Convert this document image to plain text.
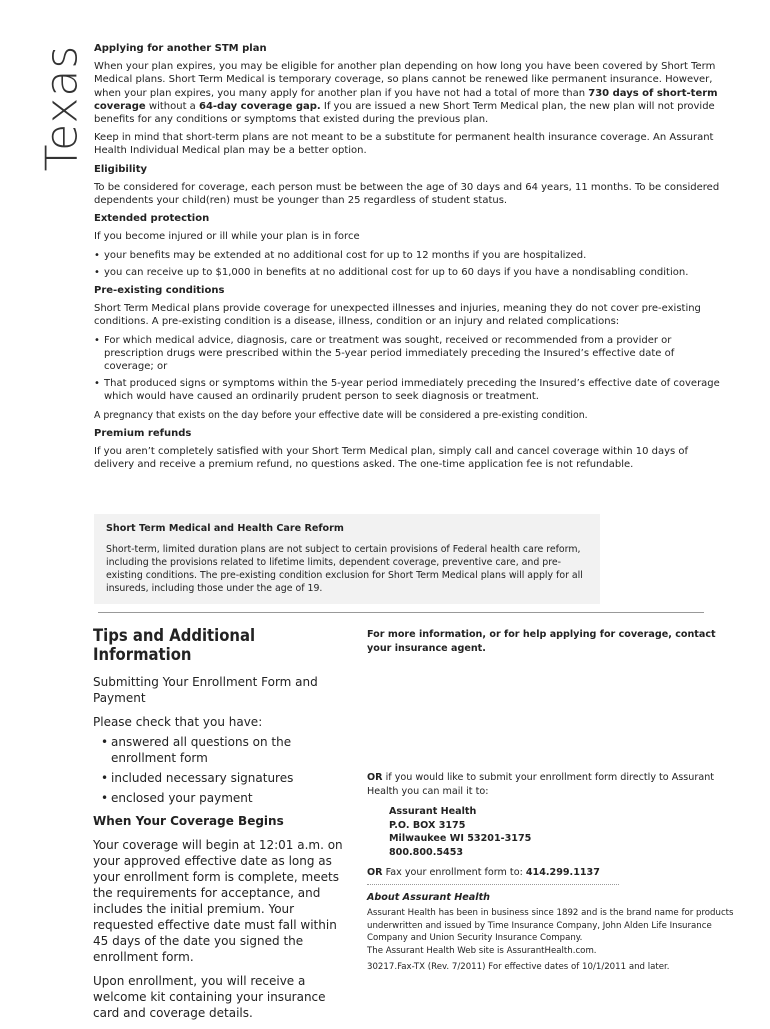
Texas Applying for another STM plan

When your plan expires, you may be eligible for another plan depending on how long you have been covered by Short Term Medical plans. Short Term Medical is temporary coverage, so plans cannot be renewed like permanent insurance. However, when your plan expires, you many apply for another plan if you have not had a total of more than 730 days of short-term coverage without a 64-day coverage gap. If you are issued a new Short Term Medical plan, the new plan will not provide benefits for any conditions or symptoms that existed during the previous plan.

Keep in mind that short-term plans are not meant to be a substitute for permanent health insurance coverage. An Assurant Health Individual Medical plan may be a better option.

Eligibility

To be considered for coverage, each person must be between the age of 30 days and 64 years, 11 months. To be considered dependents your child(ren) must be younger than 25 regardless of student status.

Extended protection

If you become injured or ill while your plan is in force

• your benefits may be extended at no additional cost for up to 12 months if you are hospitalized.
• you can receive up to $1,000 in benefits at no additional cost for up to 60 days if you have a nondisabling condition.
Pre-existing conditions

Short Term Medical plans provide coverage for unexpected illnesses and injuries, meaning they do not cover pre-existing conditions. A pre-existing condition is a disease, illness, condition or an injury and related complications:

• For which medical advice, diagnosis, care or treatment was sought, received or recommended from a provider or prescription drugs were prescribed within the 5-year period immediately preceding the Insured’s effective date of coverage; or
• That produced signs or symptoms within the 5-year period immediately preceding the Insured’s effective date of coverage which would have caused an ordinarily prudent person to seek diagnosis or treatment.

A pregnancy that exists on the day before your effective date will be considered a pre-existing condition.

Premium refunds

If you aren’t completely satisfied with your Short Term Medical plan, simply call and cancel coverage within 10 days of delivery and receive a premium refund, no questions asked. The one-time application fee is not refundable.

Short Term Medical and Health Care Reform
Short-term, limited duration plans are not subject to certain provisions of Federal health care reform, including the provisions related to lifetime limits, dependent coverage, preventive care, and pre-existing conditions. The pre-existing condition exclusion for Short Term Medical plans will apply for all insureds, including those under the age of 19.
Tips and Additional Information

Submitting Your Enrollment Form and Payment

Please check that you have:

• answered all questions on the enrollment form
• included necessary signatures
• enclosed your payment
When Your Coverage Begins

Your coverage will begin at 12:01 a.m. on your approved effective date as long as your enrollment form is complete, meets the requirements for acceptance, and includes the initial premium. Your requested effective date must fall within 45 days of the date you signed the enrollment form.

Upon enrollment, you will receive a welcome kit containing your insurance card and coverage details.

For more information, or for help applying for coverage, contact your insurance agent.
OR if you would like to submit your enrollment form directly to Assurant Health you can mail it to:
Assurant Health
P.O. BOX 3175
Milwaukee WI 53201-3175
800.800.5453
OR Fax your enrollment form to: 414.299.1137
About Assurant Health

Assurant Health has been in business since 1892 and is the brand name for products underwritten and issued by Time Insurance Company, John Alden Life Insurance Company and Union Security Insurance Company.
The Assurant Health Web site is AssurantHealth.com.

30217.Fax-TX (Rev. 7/2011) For effective dates of 10/1/2011 and later.
